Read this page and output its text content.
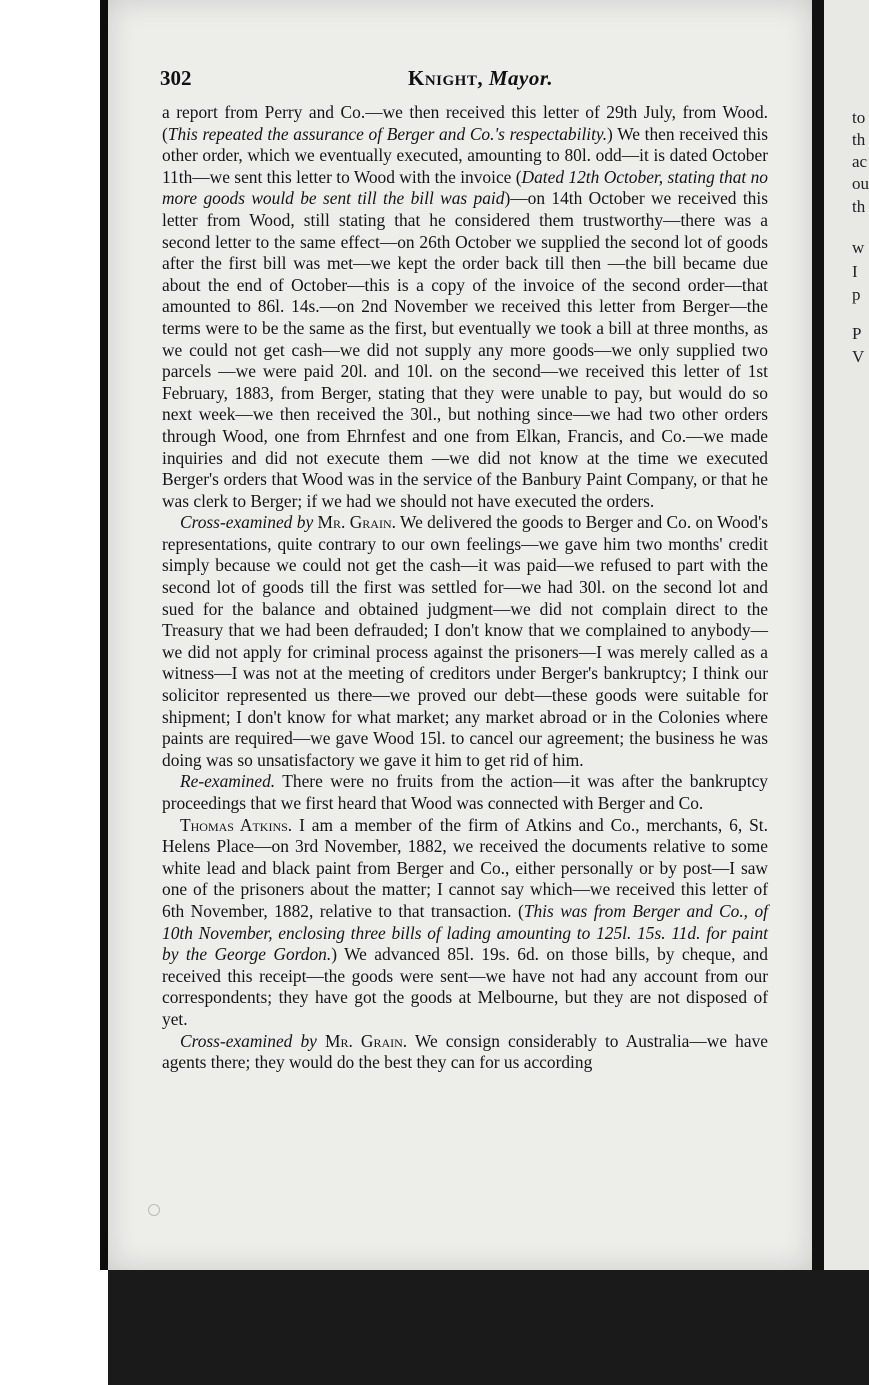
302	Knight, Mayor.

a report from Perry and Co.—we then received this letter of 29th July, from Wood. (This repeated the assurance of Berger and Co.'s respectability.) We then received this other order, which we eventually executed, amounting to 80l. odd—it is dated October 11th—we sent this letter to Wood with the invoice (Dated 12th October, stating that no more goods would be sent till the bill was paid)—on 14th October we received this letter from Wood, still stating that he considered them trustworthy—there was a second letter to the same effect—on 26th October we supplied the second lot of goods after the first bill was met—we kept the order back till then —the bill became due about the end of October—this is a copy of the invoice of the second order—that amounted to 86l. 14s.—on 2nd November we received this letter from Berger—the terms were to be the same as the first, but eventually we took a bill at three months, as we could not get cash—we did not supply any more goods—we only supplied two parcels —we were paid 20l. and 10l. on the second—we received this letter of 1st February, 1883, from Berger, stating that they were unable to pay, but would do so next week—we then received the 30l., but nothing since—we had two other orders through Wood, one from Ehrnfest and one from Elkan, Francis, and Co.—we made inquiries and did not execute them —we did not know at the time we executed Berger's orders that Wood was in the service of the Banbury Paint Company, or that he was clerk to Berger; if we had we should not have executed the orders.

Cross-examined by Mr. Grain. We delivered the goods to Berger and Co. on Wood's representations, quite contrary to our own feelings—we gave him two months' credit simply because we could not get the cash—it was paid—we refused to part with the second lot of goods till the first was settled for—we had 30l. on the second lot and sued for the balance and obtained judgment—we did not complain direct to the Treasury that we had been defrauded; I don't know that we complained to anybody—we did not apply for criminal process against the prisoners—I was merely called as a witness—I was not at the meeting of creditors under Berger's bankruptcy; I think our solicitor represented us there—we proved our debt—these goods were suitable for shipment; I don't know for what market; any market abroad or in the Colonies where paints are required—we gave Wood 15l. to cancel our agreement; the business he was doing was so unsatisfactory we gave it him to get rid of him.

Re-examined. There were no fruits from the action—it was after the bankruptcy proceedings that we first heard that Wood was connected with Berger and Co.

Thomas Atkins. I am a member of the firm of Atkins and Co., merchants, 6, St. Helens Place—on 3rd November, 1882, we received the documents relative to some white lead and black paint from Berger and Co., either personally or by post—I saw one of the prisoners about the matter; I cannot say which—we received this letter of 6th November, 1882, relative to that transaction. (This was from Berger and Co., of 10th November, enclosing three bills of lading amounting to 125l. 15s. 11d. for paint by the George Gordon.) We advanced 85l. 19s. 6d. on those bills, by cheque, and received this receipt—the goods were sent—we have not had any account from our correspondents; they have got the goods at Melbourne, but they are not disposed of yet.

Cross-examined by Mr. Grain. We consign considerably to Australia—we have agents there; they would do the best they can for us according

to
th
ac
ou
th
w
I
p
P
V
